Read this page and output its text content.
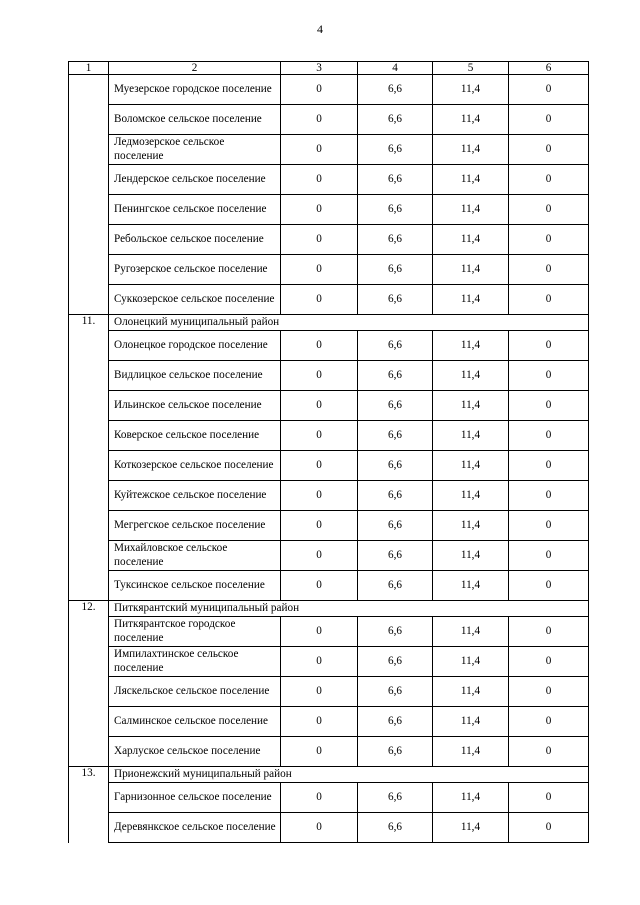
4
1	2	3	4	5	6
	Муезерское городское поселение	0	6,6	11,4	0
	Воломское сельское поселение	0	6,6	11,4	0
	Ледмозерское сельское поселение	0	6,6	11,4	0
	Лендерское сельское поселение	0	6,6	11,4	0
	Пенингское сельское поселение	0	6,6	11,4	0
	Ребольское сельское поселение	0	6,6	11,4	0
	Ругозерское сельское поселение	0	6,6	11,4	0
	Суккозерское сельское поселение	0	6,6	11,4	0
11.	Олонецкий муниципальный район				
	Олонецкое городское поселение	0	6,6	11,4	0
	Видлицкое сельское поселение	0	6,6	11,4	0
	Ильинское сельское поселение	0	6,6	11,4	0
	Коверское сельское поселение	0	6,6	11,4	0
	Коткозерское сельское поселение	0	6,6	11,4	0
	Куйтежское сельское поселение	0	6,6	11,4	0
	Мегрегское сельское поселение	0	6,6	11,4	0
	Михайловское сельское поселение	0	6,6	11,4	0
	Туксинское сельское поселение	0	6,6	11,4	0
12.	Питкярантский муниципальный район				
	Питкярантское городское поселение	0	6,6	11,4	0
	Импилахтинское сельское поселение	0	6,6	11,4	0
	Ляскельское сельское поселение	0	6,6	11,4	0
	Салминское сельское поселение	0	6,6	11,4	0
	Харлуское сельское поселение	0	6,6	11,4	0
13.	Прионежский муниципальный район				
	Гарнизонное сельское поселение	0	6,6	11,4	0
	Деревянкское сельское поселение	0	6,6	11,4	0
